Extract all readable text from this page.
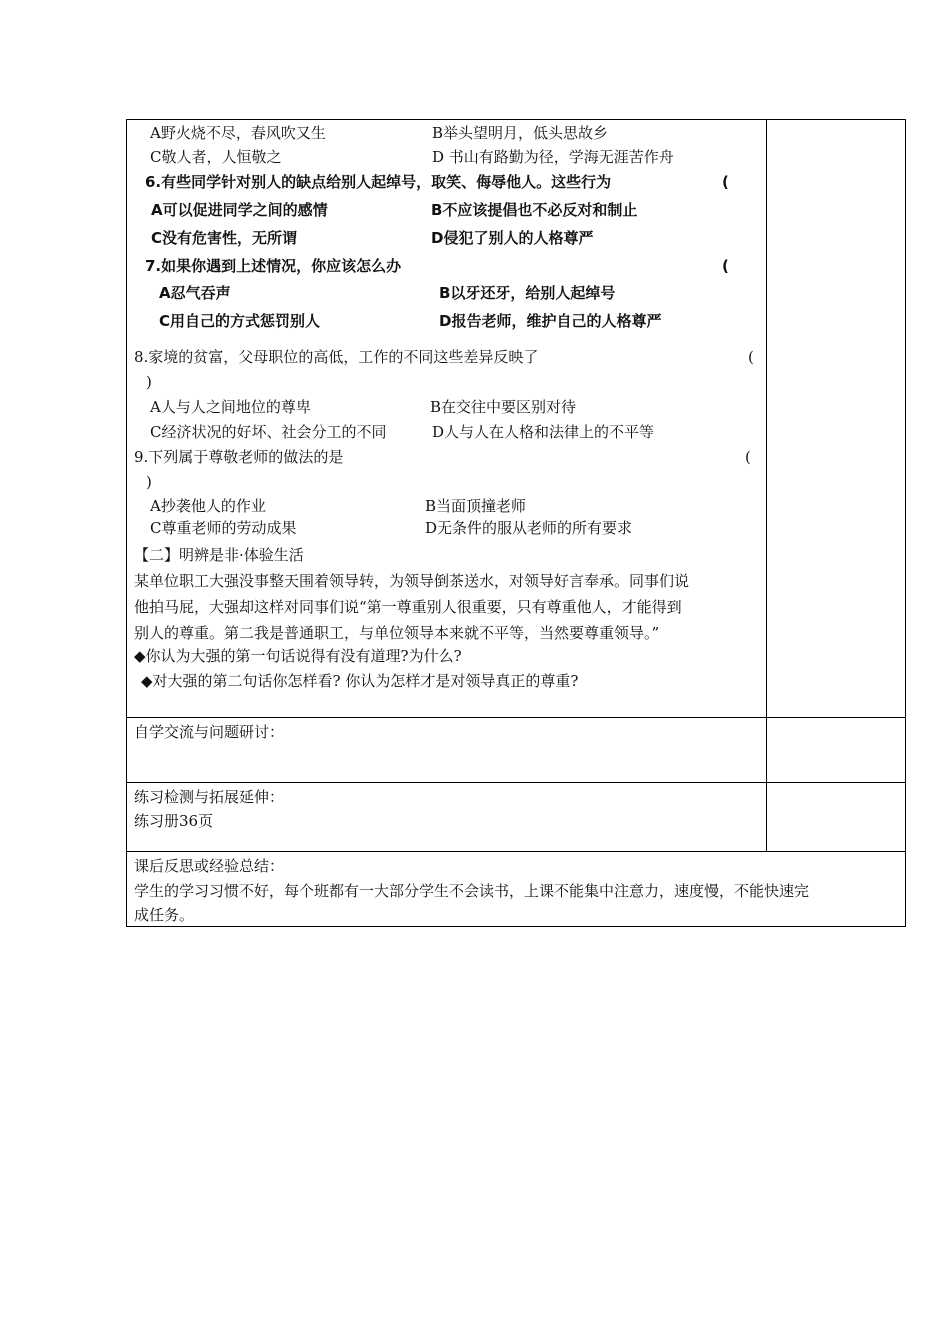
A野火烧不尽，春风吹又生	B举头望明月，低头思故乡
C敬人者，人恒敬之	D 书山有路勤为径，学海无涯苦作舟
6.有些同学针对别人的缺点给别人起绰号，取笑、侮辱他人。这些行为	(
A可以促进同学之间的感情	B不应该提倡也不必反对和制止
C没有危害性，无所谓	D侵犯了别人的人格尊严
7.如果你遇到上述情况，你应该怎么办	(
A忍气吞声	B以牙还牙，给别人起绰号
C用自己的方式惩罚别人	D报告老师，维护自己的人格尊严
8.家境的贫富，父母职位的高低，工作的不同这些差异反映了	(
)
A人与人之间地位的尊卑	B在交往中要区别对待
C经济状况的好坏、社会分工的不同	D人与人在人格和法律上的不平等
9.下列属于尊敬老师的做法的是	(
)
A抄袭他人的作业	B当面顶撞老师
C尊重老师的劳动成果	D无条件的服从老师的所有要求
【二】明辨是非·体验生活
某单位职工大强没事整天围着领导转，为领导倒茶送水，对领导好言奉承。同事们说
他拍马屁，大强却这样对同事们说“第一尊重别人很重要，只有尊重他人，才能得到
别人的尊重。第二我是普通职工，与单位领导本来就不平等，当然要尊重领导。”
◆你认为大强的第一句话说得有没有道理?为什么?
◆对大强的第二句话你怎样看? 你认为怎样才是对领导真正的尊重?
自学交流与问题研讨：
练习检测与拓展延伸：
练习册36页
课后反思或经验总结：
学生的学习习惯不好，每个班都有一大部分学生不会读书，上课不能集中注意力，速度慢，不能快速完
成任务。
